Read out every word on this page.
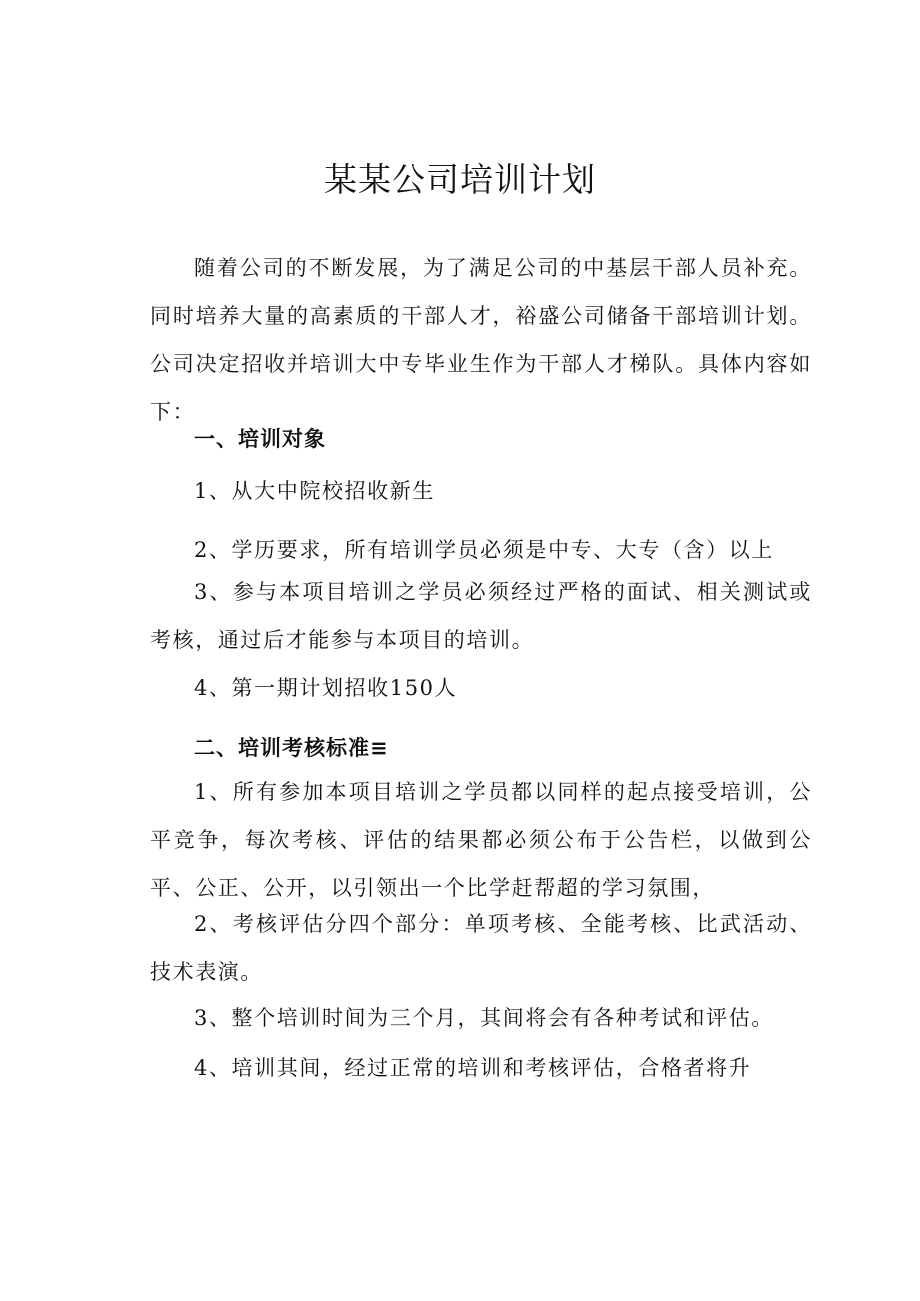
某某公司培训计划

随着公司的不断发展，为了满足公司的中基层干部人员补充。同时培养大量的高素质的干部人才，裕盛公司储备干部培训计划。公司决定招收并培训大中专毕业生作为干部人才梯队。具体内容如下：

一、培训对象

1、从大中院校招收新生

2、学历要求，所有培训学员必须是中专、大专（含）以上

3、参与本项目培训之学员必须经过严格的面试、相关测试或考核，通过后才能参与本项目的培训。

4、第一期计划招收150人

二、培训考核标准≡

1、所有参加本项目培训之学员都以同样的起点接受培训，公平竞争，每次考核、评估的结果都必须公布于公告栏，以做到公平、公正、公开，以引领出一个比学赶帮超的学习氛围，

2、考核评估分四个部分：单项考核、全能考核、比武活动、技术表演。

3、整个培训时间为三个月，其间将会有各种考试和评估。

4、培训其间，经过正常的培训和考核评估，合格者将升
